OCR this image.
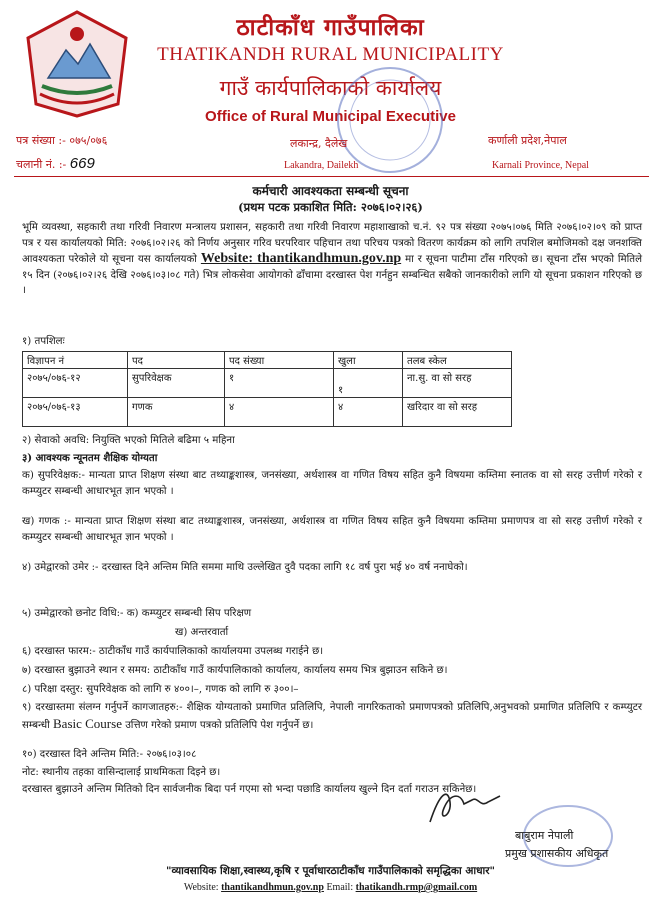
ठाटीकाँध गाउँपालिका
THATIKANDH RURAL MUNICIPALITY
गाउँ कार्यपालिकाको कार्यालय
Office of Rural Municipal Executive
पत्र संख्या :- ०७५/०७६	लकान्द्र, दैलेख	कर्णाली प्रदेश,नेपाल
चलानी नं. :- 669	Lakandra, Dailekh	Karnali Province, Nepal
कर्मचारी आवश्यकता सम्बन्धी सूचना
(प्रथम पटक प्रकाशित मिति: २०७६।०२।२६)
भूमि व्यवस्था, सहकारी तथा गरिवी निवारण मन्त्रालय प्रशासन, सहकारी तथा गरिवी निवारण महाशाखाको च.नं. ९२ पत्र संख्या २०७५।०७६ मिति २०७६।०२।०९ को प्राप्त पत्र र यस कार्यालयको मिति: २०७६।०२।२६ को निर्णय अनुसार गरिव घरपरिवार पहिचान तथा परिचय पत्रको वितरण कार्यक्रम को लागि तपशिल बमोजिमको दक्ष जनशक्ति आवश्यकता परेकोले यो सूचना यस कार्यालयको Website: thantikandhmun.gov.np मा र सूचना पाटीमा टाँस गरिएको छ। सूचना टाँस भएको मितिले १५ दिन (२०७६।०२।२६ देखि २०७६।०३।०८ गते) भित्र लोकसेवा आयोगको ढाँचामा दरखास्त पेश गर्नहुन सम्बन्धित सबैको जानकारीको लागि यो सूचना प्रकाशन गरिएको छ ।
१) तपशिलः
विज्ञापन नं	पद	पद संख्या	खुला	तलब स्केल
२०७५/०७६-१२	सुपरिवेक्षक	१	१	ना.सु. वा सो सरह
२०७५/०७६-१३	गणक	४	४	खरिदार वा सो सरह
२) सेवाको अवधि: नियुक्ति भएको मितिले बढिमा ५ महिना
३) आवश्यक न्यूनतम शैक्षिक योग्यता
क) सुपरिवेक्षक:- मान्यता प्राप्त शिक्षण संस्था बाट तथ्याङ्कशास्त्र, जनसंख्या, अर्थशास्त्र वा गणित विषय सहित कुनै विषयमा कम्तिमा स्नातक वा सो सरह उत्तीर्ण गरेको र कम्प्युटर सम्बन्धी आधारभूत ज्ञान भएको ।
ख) गणक :- मान्यता प्राप्त शिक्षण संस्था बाट तथ्याङ्कशास्त्र, जनसंख्या, अर्थशास्त्र वा गणित विषय सहित कुनै विषयमा कम्तिमा प्रमाणपत्र वा सो सरह उत्तीर्ण गरेको र कम्प्युटर सम्बन्धी आधारभूत ज्ञान भएको ।
४) उमेद्वारको उमेर :- दरखास्त दिने अन्तिम मिति सममा माथि उल्लेखित दुवै पदका लागि १८ वर्ष पुरा भई ४० वर्ष ननाघेको।
५) उम्मेद्वारको छनोट विधि:- क) कम्प्युटर सम्बन्धी सिप परिक्षण
ख) अन्तरवार्ता
६) दरखास्त फारम:- ठाटीकाँध गाउँ कार्यपालिकाको कार्यालयमा उपलब्ध गराईने छ।
७) दरखास्त बुझाउने स्थान र समय: ठाटीकाँध गाउँ कार्यपालिकाको कार्यालय, कार्यालय समय भित्र बुझाउन सकिने छ।
८) परिक्षा दस्तुर: सुपरिवेक्षक को लागि रु ४००।–, गणक को लागि रु ३००।–
९) दरखास्तमा संलग्न गर्नुपर्ने कागजातहरु:- शैक्षिक योग्यताको प्रमाणित प्रतिलिपि, नेपाली नागरिकताको प्रमाणपत्रको प्रतिलिपि,अनुभवको प्रमाणित प्रतिलिपि र कम्प्युटर सम्बन्धी Basic Course उत्तिण गरेको प्रमाण पत्रको प्रतिलिपि पेश गर्नुपर्ने छ।
१०) दरखास्त दिने अन्तिम मिति:- २०७६।०३।०८
नोट: स्थानीय तहका वासिन्दालाई प्राथमिकता दिइने छ।
दरखास्त बुझाउने अन्तिम मितिको दिन सार्वजनीक बिदा पर्न गएमा सो भन्दा पछाडि कार्यालय खुल्ने दिन दर्ता गराउन सकिनेछ।
बाबुराम नेपाली
प्रमुख प्रशासकीय अधिकृत
"व्यावसायिक शिक्षा,स्वास्थ्य,कृषि र पूर्वाधारठाटीकाँध गाउँपालिकाको समृद्धिका आधार"
Website: thantikandhmun.gov.np Email: thatikandh.rmp@gmail.com
